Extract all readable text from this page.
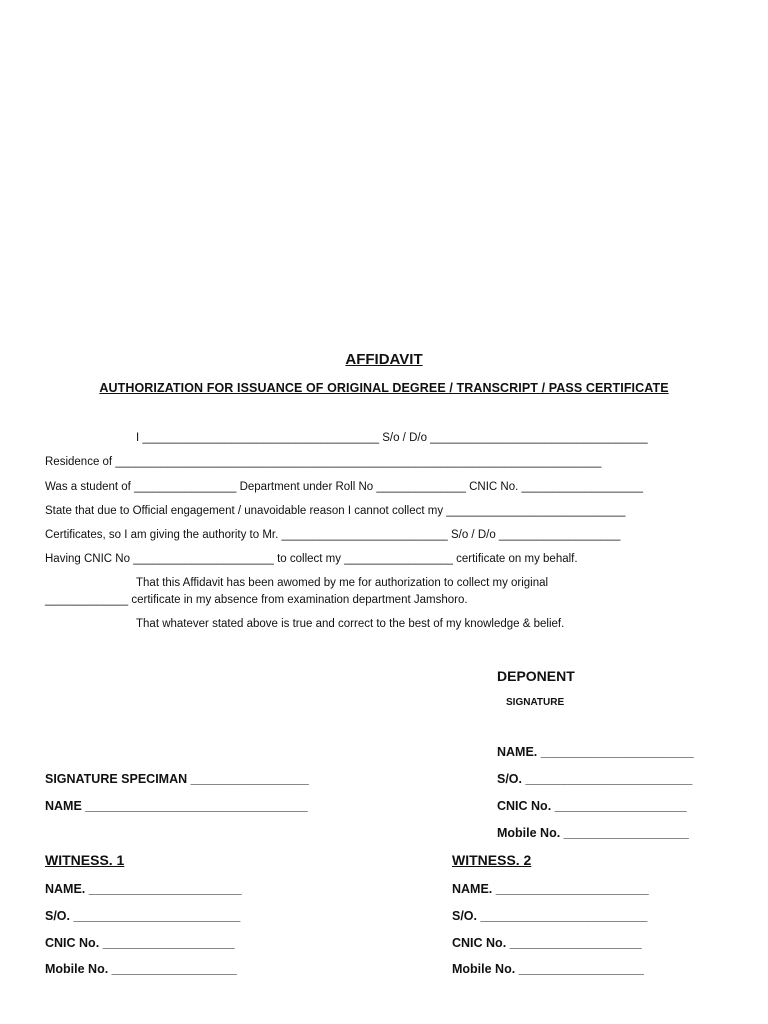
AFFIDAVIT
AUTHORIZATION FOR ISSUANCE OF ORIGINAL DEGREE / TRANSCRIPT / PASS CERTIFICATE
I _____________________________________ S/o / D/o __________________________________
Residence of ____________________________________________________________________________
Was a student of ________________ Department under Roll No ______________ CNIC No. ___________________
State that due to Official engagement / unavoidable reason I cannot collect my ____________________________
Certificates, so I am giving the authority to Mr. __________________________ S/o / D/o ___________________
Having CNIC No ______________________ to collect my _________________ certificate on my behalf.
That this Affidavit has been awomed by me for authorization to collect my original
_____________ certificate in my absence from examination department Jamshoro.
That whatever stated above is true and correct to the best of my knowledge & belief.
DEPONENT
SIGNATURE
NAME. ______________________
SIGNATURE SPECIMAN _________________	S/O. ________________________
NAME ________________________________	CNIC No. ___________________
Mobile No. __________________
WITNESS. 1	WITNESS. 2
NAME. ______________________	NAME. ______________________
S/O. ________________________	S/O. ________________________
CNIC No. ___________________	CNIC No. ___________________
Mobile No. __________________	Mobile No. __________________
